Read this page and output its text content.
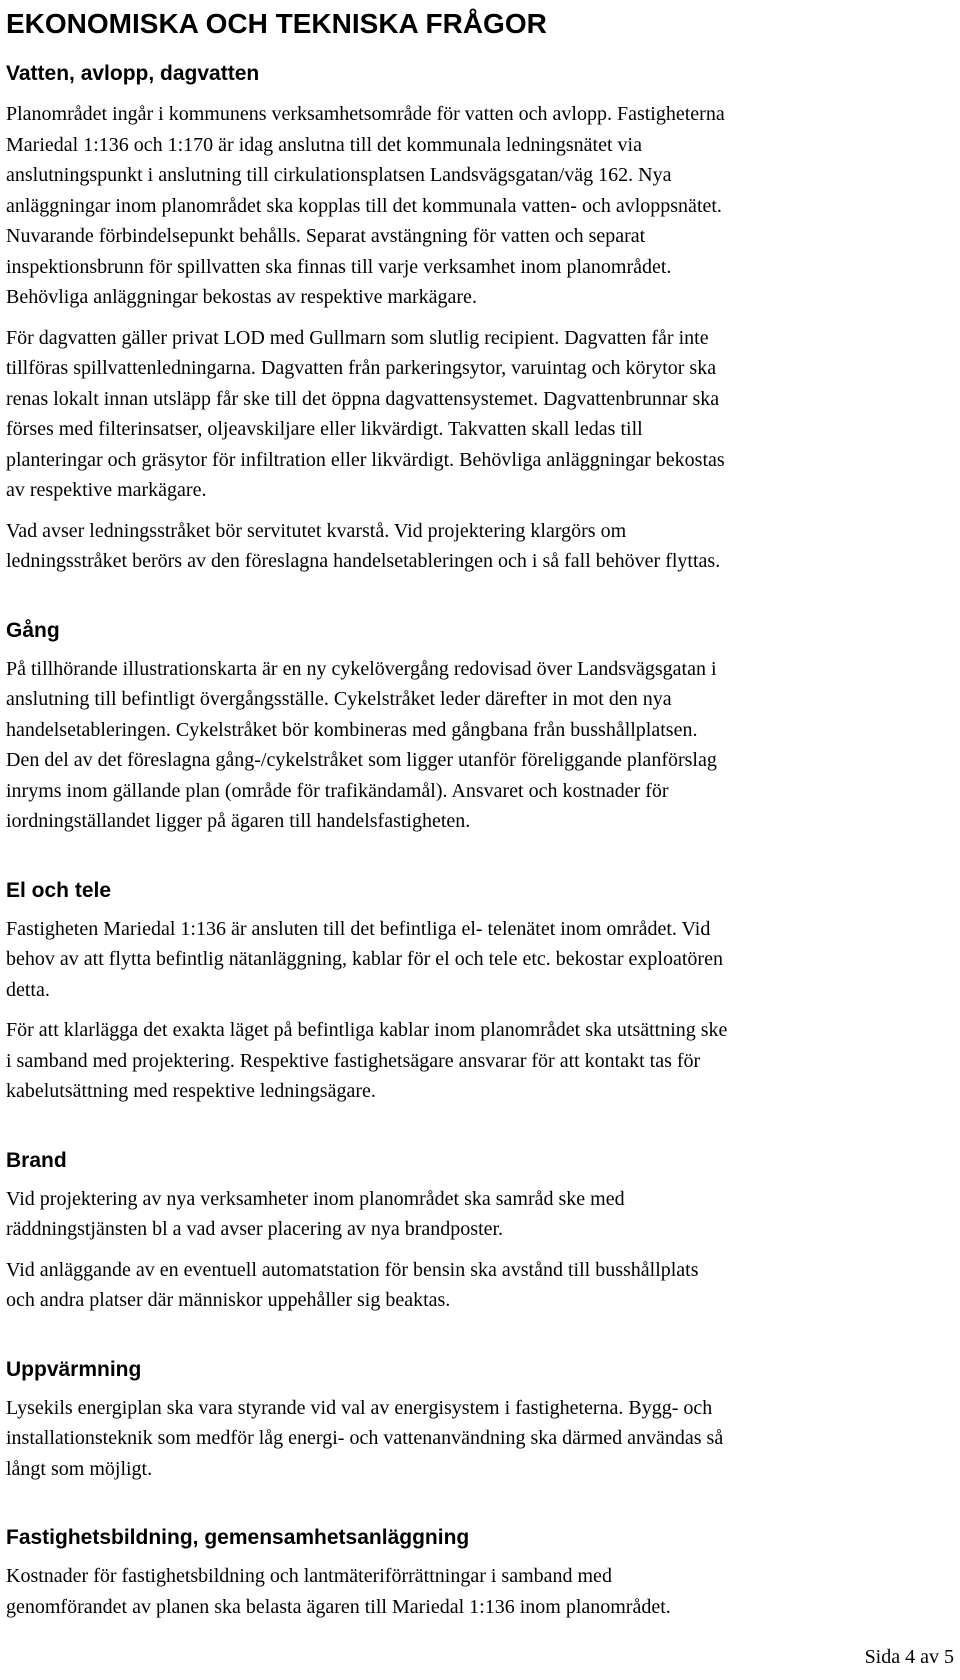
EKONOMISKA OCH TEKNISKA FRÅGOR
Vatten, avlopp, dagvatten

Planområdet ingår i kommunens verksamhetsområde för vatten och avlopp. Fastigheterna
Mariedal 1:136 och 1:170 är idag anslutna till det kommunala ledningsnätet via
anslutningspunkt i anslutning till cirkulationsplatsen Landsvägsgatan/väg 162. Nya
anläggningar inom planområdet ska kopplas till det kommunala vatten- och avloppsnätet.
Nuvarande förbindelsepunkt behålls. Separat avstängning för vatten och separat
inspektionsbrunn för spillvatten ska finnas till varje verksamhet inom planområdet.
Behövliga anläggningar bekostas av respektive markägare.

För dagvatten gäller privat LOD med Gullmarn som slutlig recipient. Dagvatten får inte
tillföras spillvattenledningarna. Dagvatten från parkeringsytor, varuintag och körytor ska
renas lokalt innan utsläpp får ske till det öppna dagvattensystemet. Dagvattenbrunnar ska
förses med filterinsatser, oljeavskiljare eller likvärdigt. Takvatten skall ledas till
planteringar och gräsytor för infiltration eller likvärdigt. Behövliga anläggningar bekostas
av respektive markägare.

Vad avser ledningsstråket bör servitutet kvarstå. Vid projektering klargörs om
ledningsstråket berörs av den föreslagna handelsetableringen och i så fall behöver flyttas.

Gång

På tillhörande illustrationskarta är en ny cykelövergång redovisad över Landsvägsgatan i
anslutning till befintligt övergångsställe. Cykelstråket leder därefter in mot den nya
handelsetableringen. Cykelstråket bör kombineras med gångbana från busshållplatsen.
Den del av det föreslagna gång-/cykelstråket som ligger utanför föreliggande planförslag
inryms inom gällande plan (område för trafikändamål). Ansvaret och kostnader för
iordningställandet ligger på ägaren till handelsfastigheten.

El och tele

Fastigheten Mariedal 1:136 är ansluten till det befintliga el- telenätet inom området. Vid
behov av att flytta befintlig nätanläggning, kablar för el och tele etc. bekostar exploatören
detta.

För att klarlägga det exakta läget på befintliga kablar inom planområdet ska utsättning ske
i samband med projektering. Respektive fastighetsägare ansvarar för att kontakt tas för
kabelutsättning med respektive ledningsägare.

Brand

Vid projektering av nya verksamheter inom planområdet ska samråd ske med
räddningstjänsten bl a vad avser placering av nya brandposter.

Vid anläggande av en eventuell automatstation för bensin ska avstånd till busshållplats
och andra platser där människor uppehåller sig beaktas.

Uppvärmning

Lysekils energiplan ska vara styrande vid val av energisystem i fastigheterna. Bygg- och
installationsteknik som medför låg energi- och vattenanvändning ska därmed användas så
långt som möjligt.

Fastighetsbildning, gemensamhetsanläggning

Kostnader för fastighetsbildning och lantmäteriförrättningar i samband med
genomförandet av planen ska belasta ägaren till Mariedal 1:136 inom planområdet.

Sida 4 av 5
